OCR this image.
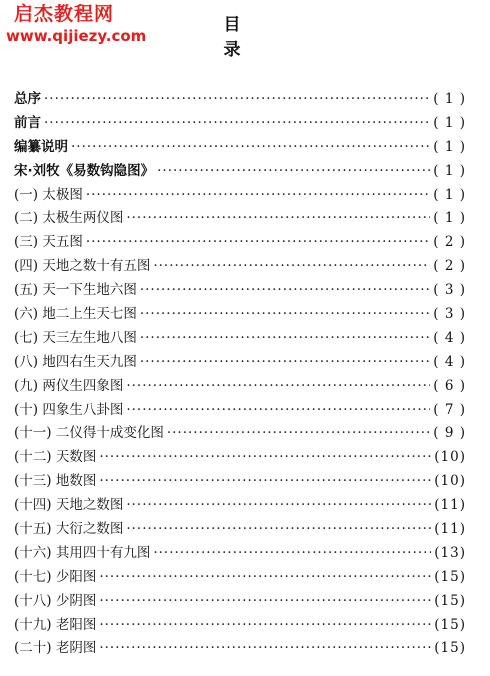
启杰教程网
www.qijiezy.com
目 录
总序 ·····	( 1 )
前言 ·····	( 1 )
编纂说明 ·····	( 1 )
宋·刘牧《易数钩隐图》 ·····	( 1 )
(一) 太极图 ·····	( 1 )
(二) 太极生两仪图 ·····	( 1 )
(三) 天五图 ·····	( 2 )
(四) 天地之数十有五图 ·····	( 2 )
(五) 天一下生地六图 ·····	( 3 )
(六) 地二上生天七图 ·····	( 3 )
(七) 天三左生地八图 ·····	( 4 )
(八) 地四右生天九图 ·····	( 4 )
(九) 两仪生四象图 ·····	( 6 )
(十) 四象生八卦图 ·····	( 7 )
(十一) 二仪得十成变化图 ·····	( 9 )
(十二) 天数图 ·····	(10)
(十三) 地数图 ·····	(10)
(十四) 天地之数图 ·····	(11)
(十五) 大衍之数图 ·····	(11)
(十六) 其用四十有九图 ·····	(13)
(十七) 少阳图 ·····	(15)
(十八) 少阴图 ·····	(15)
(十九) 老阳图 ·····	(15)
(二十) 老阴图 ·····	(15)
